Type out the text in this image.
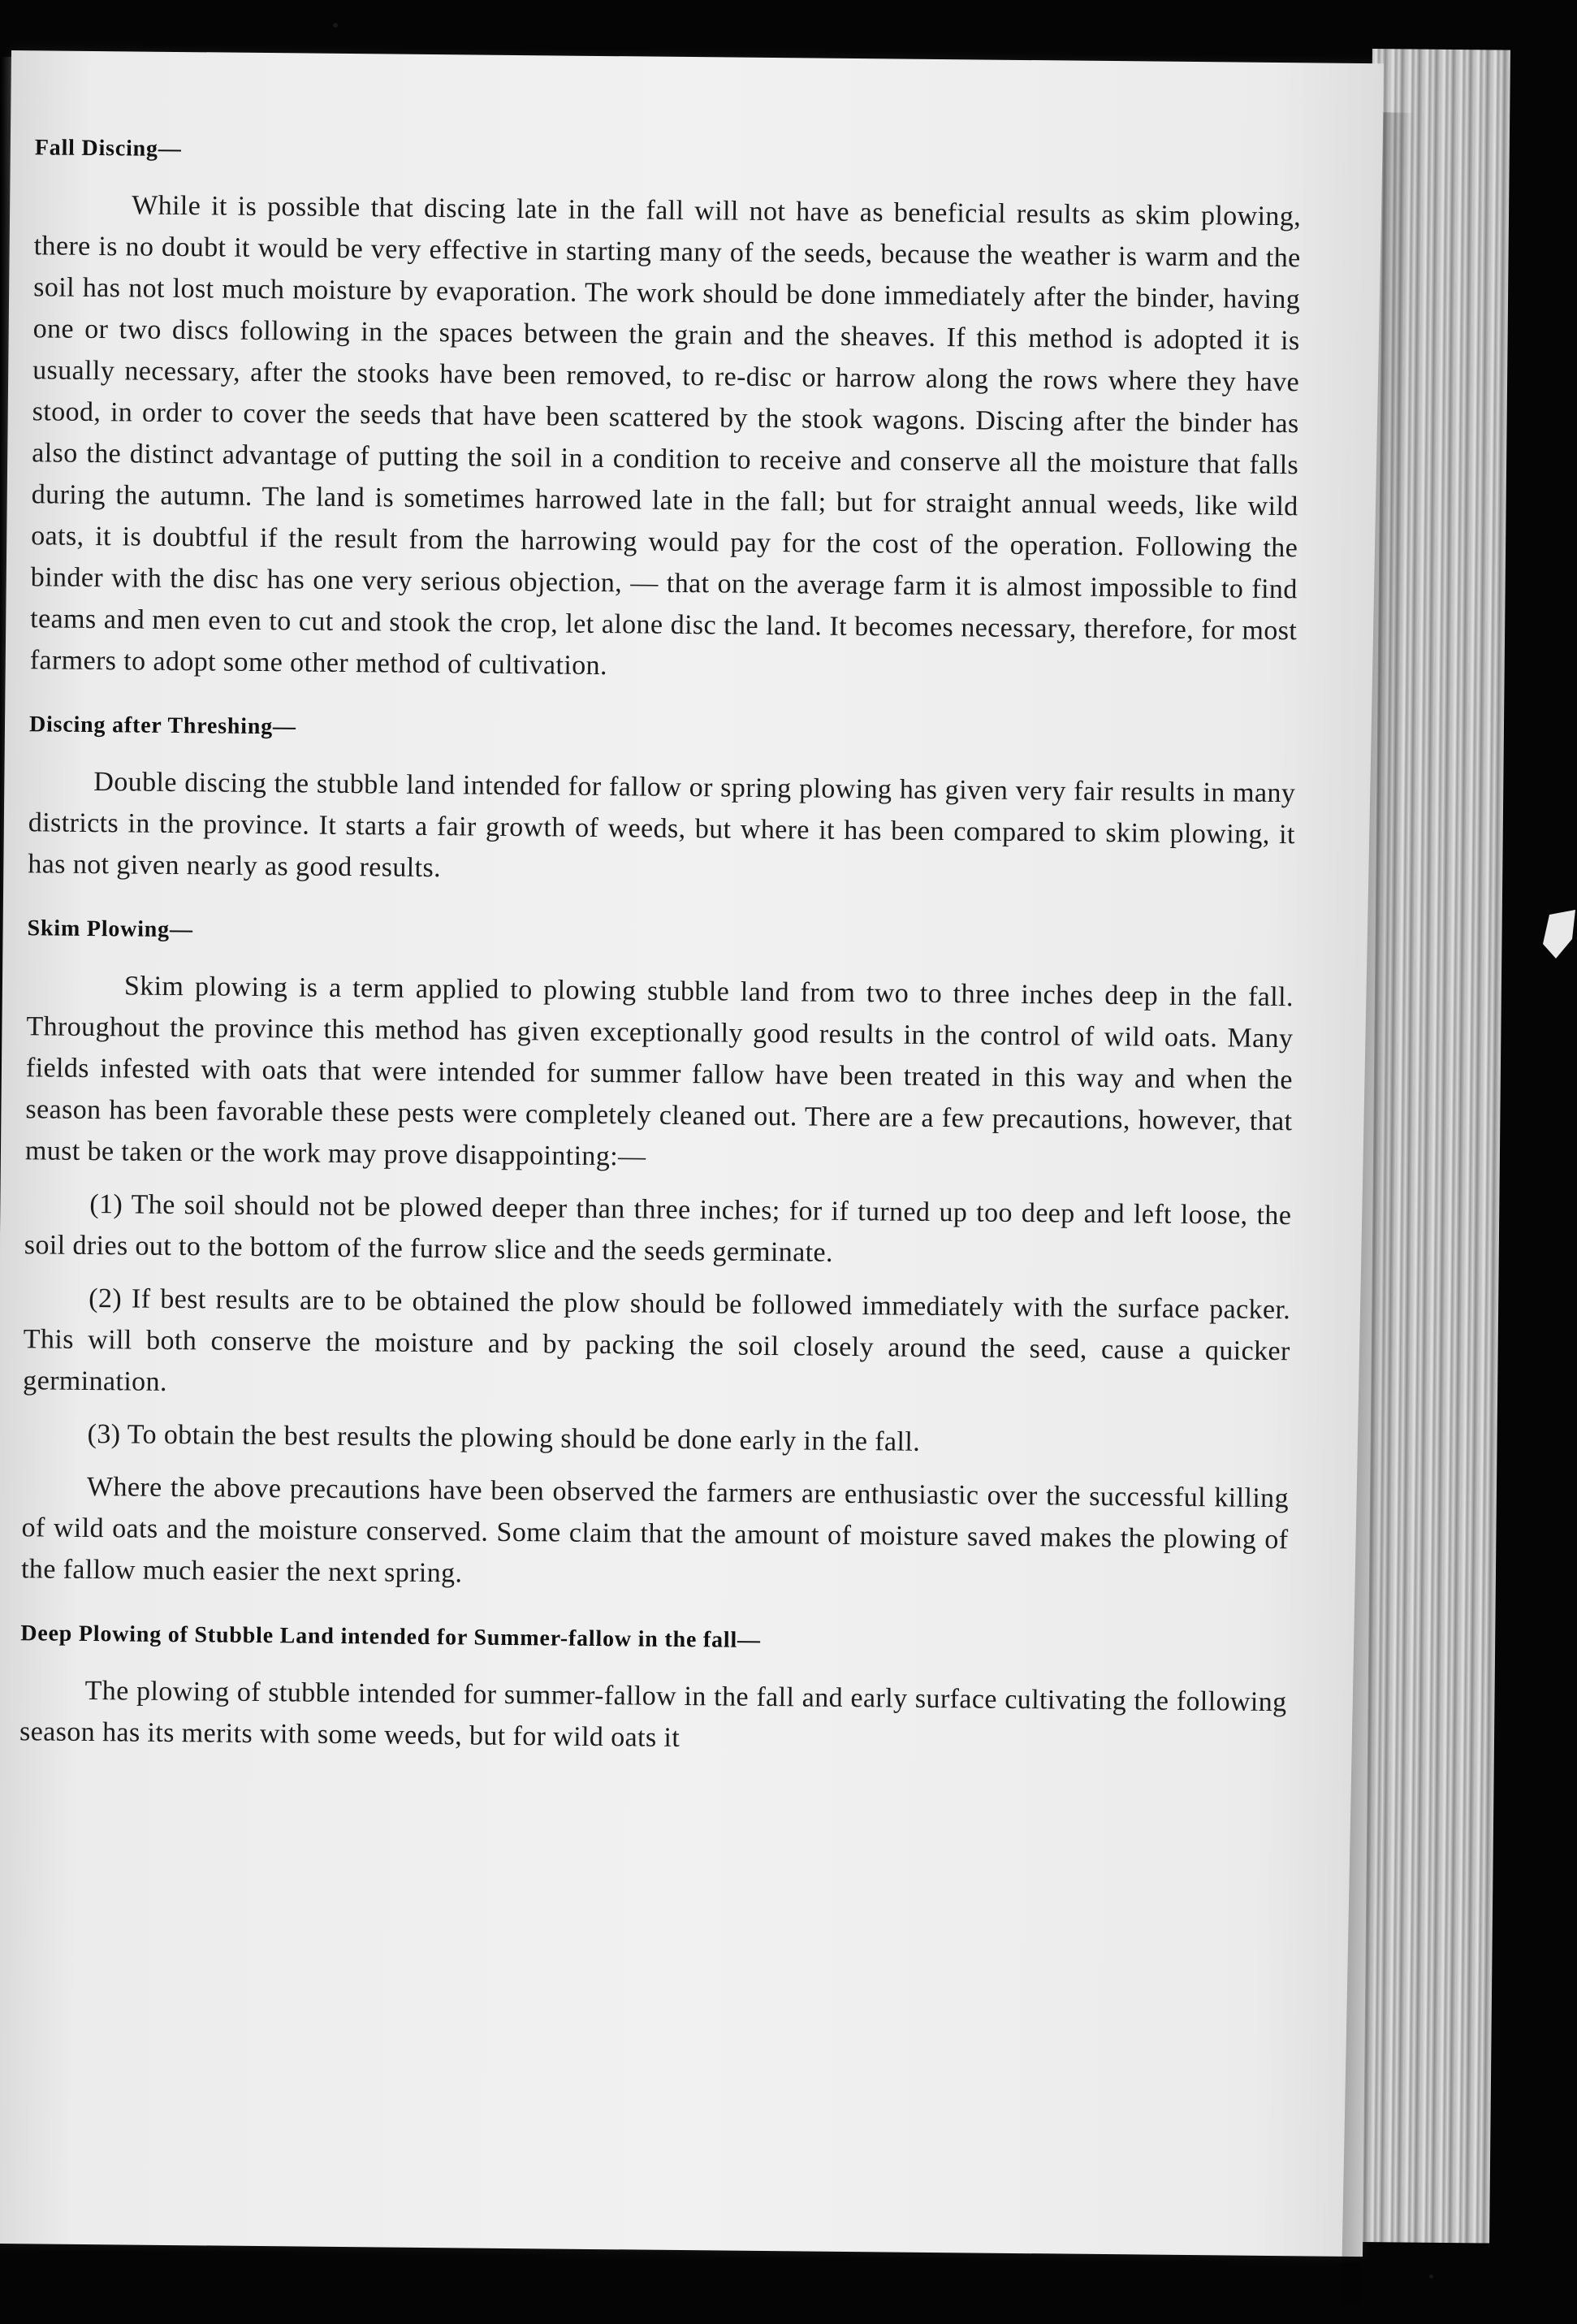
Fall Discing—

While it is possible that discing late in the fall will not have as beneficial results as skim plowing, there is no doubt it would be very effective in starting many of the seeds, because the weather is warm and the soil has not lost much moisture by evaporation. The work should be done immediately after the binder, having one or two discs following in the spaces between the grain and the sheaves. If this method is adopted it is usually necessary, after the stooks have been removed, to re-disc or harrow along the rows where they have stood, in order to cover the seeds that have been scattered by the stook wagons. Discing after the binder has also the distinct advantage of putting the soil in a condition to receive and conserve all the moisture that falls during the autumn. The land is sometimes harrowed late in the fall; but for straight annual weeds, like wild oats, it is doubtful if the result from the harrowing would pay for the cost of the operation. Following the binder with the disc has one very serious objection, — that on the average farm it is almost impossible to find teams and men even to cut and stook the crop, let alone disc the land. It becomes necessary, therefore, for most farmers to adopt some other method of cultivation.

Discing after Threshing—

Double discing the stubble land intended for fallow or spring plowing has given very fair results in many districts in the province. It starts a fair growth of weeds, but where it has been compared to skim plowing, it has not given nearly as good results.

Skim Plowing—

Skim plowing is a term applied to plowing stubble land from two to three inches deep in the fall. Throughout the province this method has given exceptionally good results in the control of wild oats. Many fields infested with oats that were intended for summer fallow have been treated in this way and when the season has been favorable these pests were completely cleaned out. There are a few precautions, however, that must be taken or the work may prove disappointing:—

(1) The soil should not be plowed deeper than three inches; for if turned up too deep and left loose, the soil dries out to the bottom of the furrow slice and the seeds germinate.

(2) If best results are to be obtained the plow should be followed immediately with the surface packer. This will both conserve the moisture and by packing the soil closely around the seed, cause a quicker germination.

(3) To obtain the best results the plowing should be done early in the fall.

Where the above precautions have been observed the farmers are enthusiastic over the successful killing of wild oats and the moisture conserved. Some claim that the amount of moisture saved makes the plowing of the fallow much easier the next spring.

Deep Plowing of Stubble Land intended for Summer-fallow in the fall—

The plowing of stubble intended for summer-fallow in the fall and early surface cultivating the following season has its merits with some weeds, but for wild oats it
